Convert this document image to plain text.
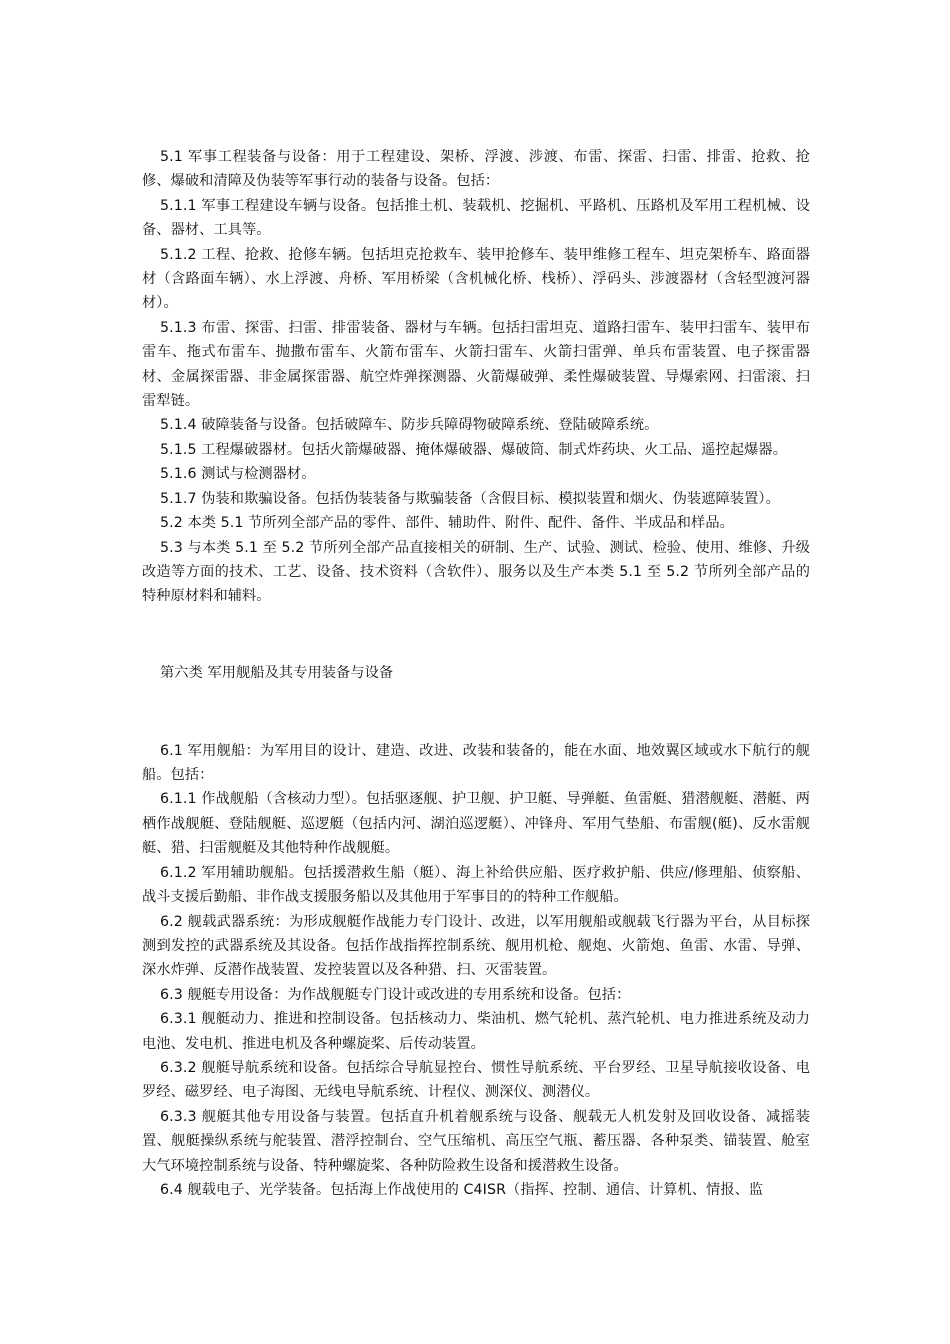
5.1 军事工程装备与设备：用于工程建设、架桥、浮渡、涉渡、布雷、探雷、扫雷、排雷、抢救、抢修、爆破和清障及伪装等军事行动的装备与设备。包括：

5.1.1 军事工程建设车辆与设备。包括推土机、装载机、挖掘机、平路机、压路机及军用工程机械、设备、器材、工具等。

5.1.2 工程、抢救、抢修车辆。包括坦克抢救车、装甲抢修车、装甲维修工程车、坦克架桥车、路面器材（含路面车辆）、水上浮渡、舟桥、军用桥梁（含机械化桥、栈桥）、浮码头、涉渡器材（含轻型渡河器材）。

5.1.3 布雷、探雷、扫雷、排雷装备、器材与车辆。包括扫雷坦克、道路扫雷车、装甲扫雷车、装甲布雷车、拖式布雷车、抛撒布雷车、火箭布雷车、火箭扫雷车、火箭扫雷弹、单兵布雷装置、电子探雷器材、金属探雷器、非金属探雷器、航空炸弹探测器、火箭爆破弹、柔性爆破装置、导爆索网、扫雷滚、扫雷犁链。

5.1.4 破障装备与设备。包括破障车、防步兵障碍物破障系统、登陆破障系统。

5.1.5 工程爆破器材。包括火箭爆破器、掩体爆破器、爆破筒、制式炸药块、火工品、遥控起爆器。

5.1.6 测试与检测器材。

5.1.7 伪装和欺骗设备。包括伪装装备与欺骗装备（含假目标、模拟装置和烟火、伪装遮障装置）。

5.2 本类 5.1 节所列全部产品的零件、部件、辅助件、附件、配件、备件、半成品和样品。

5.3 与本类 5.1 至 5.2 节所列全部产品直接相关的研制、生产、试验、测试、检验、使用、维修、升级改造等方面的技术、工艺、设备、技术资料（含软件）、服务以及生产本类 5.1 至 5.2 节所列全部产品的特种原材料和辅料。

第六类 军用舰船及其专用装备与设备

6.1 军用舰船：为军用目的设计、建造、改进、改装和装备的，能在水面、地效翼区域或水下航行的舰船。包括：

6.1.1 作战舰船（含核动力型）。包括驱逐舰、护卫舰、护卫艇、导弹艇、鱼雷艇、猎潜舰艇、潜艇、两栖作战舰艇、登陆舰艇、巡逻艇（包括内河、湖泊巡逻艇）、冲锋舟、军用气垫船、布雷舰(艇)、反水雷舰艇、猎、扫雷舰艇及其他特种作战舰艇。

6.1.2 军用辅助舰船。包括援潜救生船（艇）、海上补给供应船、医疗救护船、供应/修理船、侦察船、战斗支援后勤船、非作战支援服务船以及其他用于军事目的的特种工作舰船。

6.2 舰载武器系统：为形成舰艇作战能力专门设计、改进，以军用舰船或舰载飞行器为平台，从目标探测到发控的武器系统及其设备。包括作战指挥控制系统、舰用机枪、舰炮、火箭炮、鱼雷、水雷、导弹、深水炸弹、反潜作战装置、发控装置以及各种猎、扫、灭雷装置。

6.3 舰艇专用设备：为作战舰艇专门设计或改进的专用系统和设备。包括：

6.3.1 舰艇动力、推进和控制设备。包括核动力、柴油机、燃气轮机、蒸汽轮机、电力推进系统及动力电池、发电机、推进电机及各种螺旋桨、后传动装置。

6.3.2 舰艇导航系统和设备。包括综合导航显控台、惯性导航系统、平台罗经、卫星导航接收设备、电罗经、磁罗经、电子海图、无线电导航系统、计程仪、测深仪、测潜仪。

6.3.3 舰艇其他专用设备与装置。包括直升机着舰系统与设备、舰载无人机发射及回收设备、减摇装置、舰艇操纵系统与舵装置、潜浮控制台、空气压缩机、高压空气瓶、蓄压器、各种泵类、锚装置、舱室大气环境控制系统与设备、特种螺旋桨、各种防险救生设备和援潜救生设备。

6.4 舰载电子、光学装备。包括海上作战使用的 C4ISR（指挥、控制、通信、计算机、情报、监
